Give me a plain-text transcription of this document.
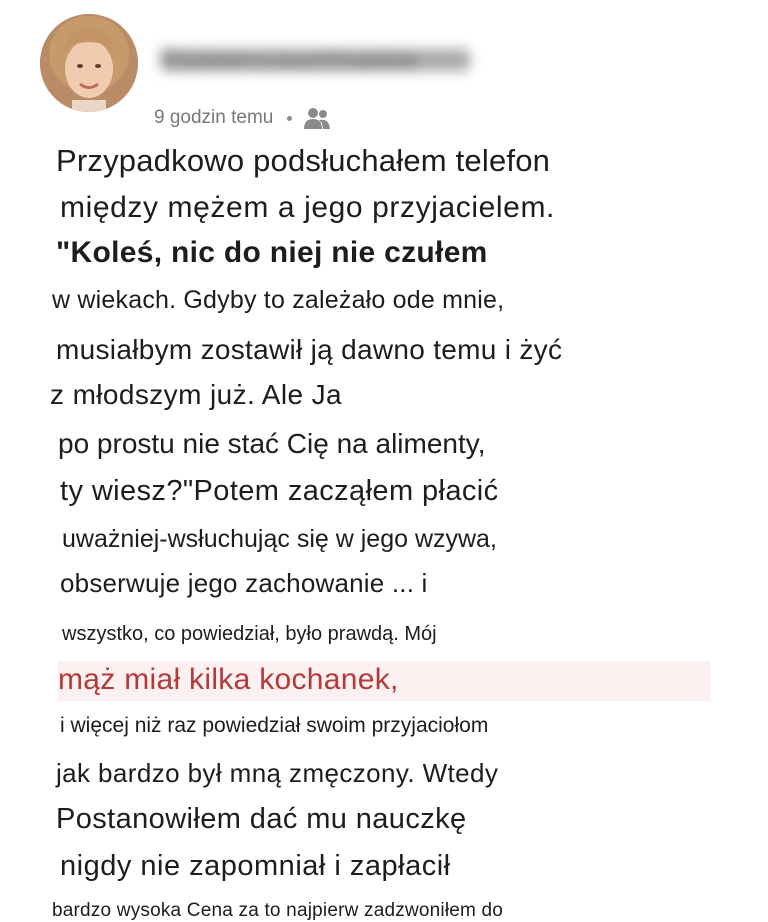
Yomercourtname
9 godzin temu
Przypadkowo podsłuchałem telefon
między mężem a jego przyjacielem.
"Koleś, nic do niej nie czułem
w wiekach. Gdyby to zależało ode mnie,
musiałbym zostawił ją dawno temu i żyć
z młodszym już. Ale Ja
po prostu nie stać Cię na alimenty,
ty wiesz?"Potem zacząłem płacić
uważniej-wsłuchując się w jego wzywa,
obserwuje jego zachowanie ... i
wszystko, co powiedział, było prawdą. Mój
mąż miał kilka kochanek,
i więcej niż raz powiedział swoim przyjaciołom
jak bardzo był mną zmęczony. Wtedy
Postanowiłem dać mu nauczkę
nigdy nie zapomniał i zapłacił
bardzo wysoka Cena za to najpierw zadzwoniłem do
